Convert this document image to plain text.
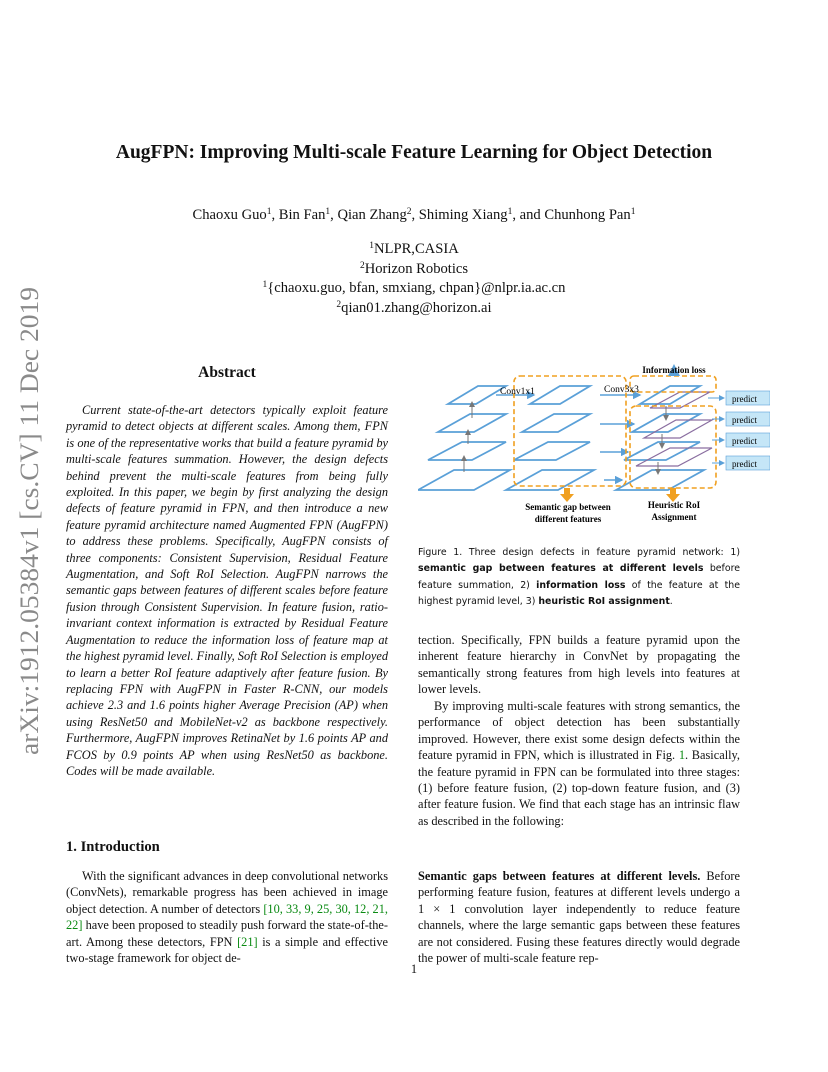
arXiv:1912.05384v1 [cs.CV] 11 Dec 2019
AugFPN: Improving Multi-scale Feature Learning for Object Detection
Chaoxu Guo$^1$, Bin Fan$^1$, Qian Zhang$^2$, Shiming Xiang$^1$, and Chunhong Pan$^1$
$^1$NLPR,CASIA
$^2$Horizon Robotics
$^1${chaoxu.guo, bfan, smxiang, chpan}@nlpr.ia.ac.cn
$^2$qian01.zhang@horizon.ai
Abstract
Current state-of-the-art detectors typically exploit feature pyramid to detect objects at different scales. Among them, FPN is one of the representative works that build a feature pyramid by multi-scale features summation. However, the design defects behind prevent the multi-scale features from being fully exploited. In this paper, we begin by first analyzing the design defects of feature pyramid in FPN, and then introduce a new feature pyramid architecture named Augmented FPN (AugFPN) to address these problems. Specifically, AugFPN consists of three components: Consistent Supervision, Residual Feature Augmentation, and Soft RoI Selection. AugFPN narrows the semantic gaps between features of different scales before feature fusion through Consistent Supervision. In feature fusion, ratio-invariant context information is extracted by Residual Feature Augmentation to reduce the information loss of feature map at the highest pyramid level. Finally, Soft RoI Selection is employed to learn a better RoI feature adaptively after feature fusion. By replacing FPN with AugFPN in Faster R-CNN, our models achieve 2.3 and 1.6 points higher Average Precision (AP) when using ResNet50 and MobileNet-v2 as backbone respectively. Furthermore, AugFPN improves RetinaNet by 1.6 points AP and FCOS by 0.9 points AP when using ResNet50 as backbone. Codes will be made available.
1. Introduction
With the significant advances in deep convolutional networks (ConvNets), remarkable progress has been achieved in image object detection. A number of detectors [10, 33, 9, 25, 30, 12, 21, 22] have been proposed to steadily push forward the state-of-the-art. Among these detectors, FPN [21] is a simple and effective two-stage framework for object de-
Information loss
Conv1x1	Conv3x3
predict
predict
predict
predict
Semantic gap between
different features
Heuristic RoI
Assignment
Figure 1. Three design defects in feature pyramid network: 1) semantic gap between features at different levels before feature summation, 2) information loss of the feature at the highest pyramid level, 3) heuristic RoI assignment.
tection. Specifically, FPN builds a feature pyramid upon the inherent feature hierarchy in ConvNet by propagating the semantically strong features from high levels into features at lower levels.
By improving multi-scale features with strong semantics, the performance of object detection has been substantially improved. However, there exist some design defects within the feature pyramid in FPN, which is illustrated in Fig. 1. Basically, the feature pyramid in FPN can be formulated into three stages: (1) before feature fusion, (2) top-down feature fusion, and (3) after feature fusion. We find that each stage has an intrinsic flaw as described in the following:
Semantic gaps between features at different levels. Before performing feature fusion, features at different levels undergo a 1 × 1 convolution layer independently to reduce feature channels, where the large semantic gaps between these features are not considered. Fusing these features directly would degrade the power of multi-scale feature rep-
1
